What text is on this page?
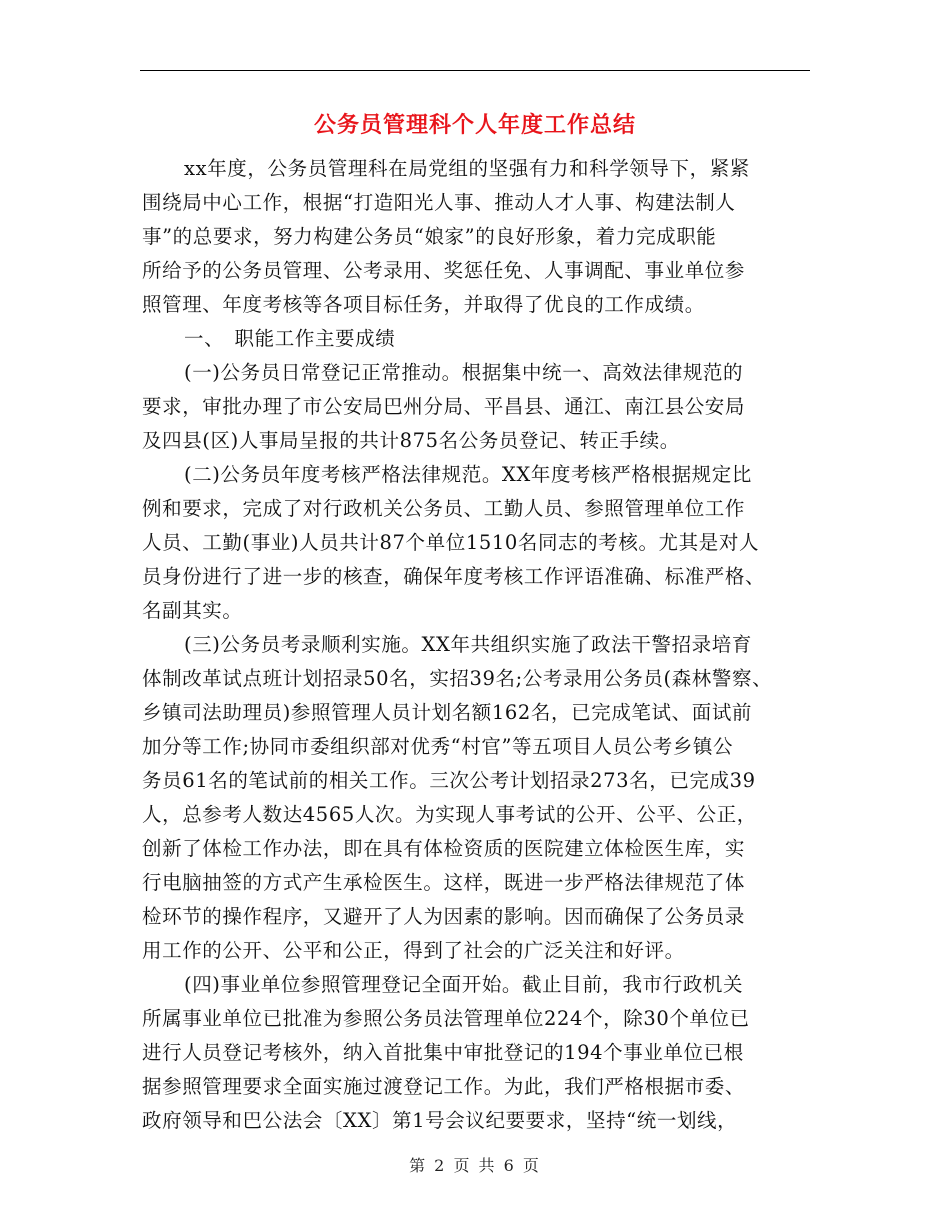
公务员管理科个人年度工作总结
xx年度，公务员管理科在局党组的坚强有力和科学领导下，紧紧
围绕局中心工作，根据“打造阳光人事、推动人才人事、构建法制人
事”的总要求，努力构建公务员“娘家”的良好形象，着力完成职能
所给予的公务员管理、公考录用、奖惩任免、人事调配、事业单位参
照管理、年度考核等各项目标任务，并取得了优良的工作成绩。
一、　职能工作主要成绩
(一)公务员日常登记正常推动。根据集中统一、高效法律规范的
要求，审批办理了市公安局巴州分局、平昌县、通江、南江县公安局
及四县(区)人事局呈报的共计875名公务员登记、转正手续。
(二)公务员年度考核严格法律规范。XX年度考核严格根据规定比
例和要求，完成了对行政机关公务员、工勤人员、参照管理单位工作
人员、工勤(事业)人员共计87个单位1510名同志的考核。尤其是对人
员身份进行了进一步的核查，确保年度考核工作评语准确、标准严格、
名副其实。
(三)公务员考录顺利实施。XX年共组织实施了政法干警招录培育
体制改革试点班计划招录50名，实招39名;公考录用公务员(森林警察、
乡镇司法助理员)参照管理人员计划名额162名，已完成笔试、面试前
加分等工作;协同市委组织部对优秀“村官”等五项目人员公考乡镇公
务员61名的笔试前的相关工作。三次公考计划招录273名，已完成39
人，总参考人数达4565人次。为实现人事考试的公开、公平、公正，
创新了体检工作办法，即在具有体检资质的医院建立体检医生库，实
行电脑抽签的方式产生承检医生。这样，既进一步严格法律规范了体
检环节的操作程序，又避开了人为因素的影响。因而确保了公务员录
用工作的公开、公平和公正，得到了社会的广泛关注和好评。
(四)事业单位参照管理登记全面开始。截止目前，我市行政机关
所属事业单位已批准为参照公务员法管理单位224个，除30个单位已
进行人员登记考核外，纳入首批集中审批登记的194个事业单位已根
据参照管理要求全面实施过渡登记工作。为此，我们严格根据市委、
政府领导和巴公法会〔XX〕第1号会议纪要要求，坚持“统一划线，
第 2 页 共 6 页
